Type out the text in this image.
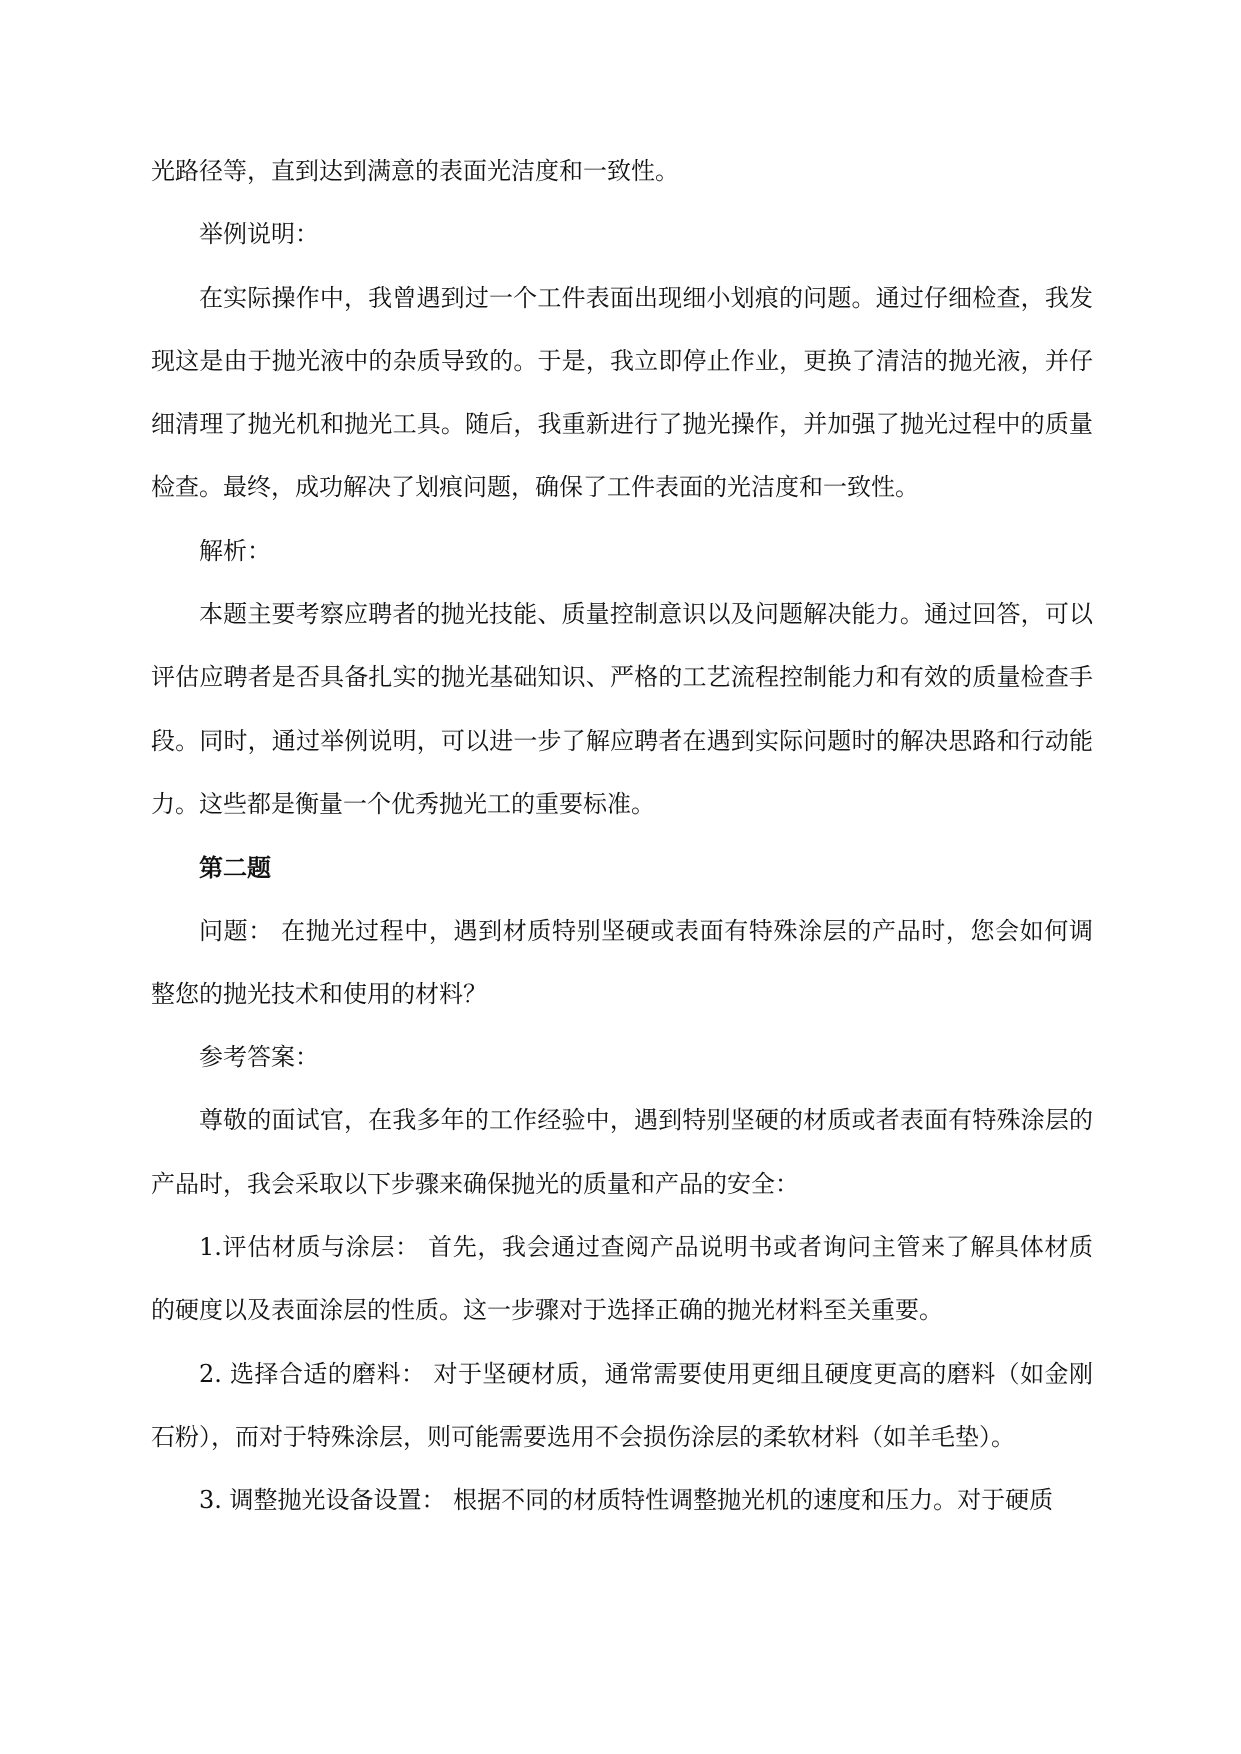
光路径等，直到达到满意的表面光洁度和一致性。

举例说明：

在实际操作中，我曾遇到过一个工件表面出现细小划痕的问题。通过仔细检查，我发现这是由于抛光液中的杂质导致的。于是，我立即停止作业，更换了清洁的抛光液，并仔细清理了抛光机和抛光工具。随后，我重新进行了抛光操作，并加强了抛光过程中的质量检查。最终，成功解决了划痕问题，确保了工件表面的光洁度和一致性。

解析：

本题主要考察应聘者的抛光技能、质量控制意识以及问题解决能力。通过回答，可以评估应聘者是否具备扎实的抛光基础知识、严格的工艺流程控制能力和有效的质量检查手段。同时，通过举例说明，可以进一步了解应聘者在遇到实际问题时的解决思路和行动能力。这些都是衡量一个优秀抛光工的重要标准。

第二题

问题： 在抛光过程中，遇到材质特别坚硬或表面有特殊涂层的产品时，您会如何调整您的抛光技术和使用的材料？

参考答案：

尊敬的面试官，在我多年的工作经验中，遇到特别坚硬的材质或者表面有特殊涂层的产品时，我会采取以下步骤来确保抛光的质量和产品的安全：

1.评估材质与涂层： 首先，我会通过查阅产品说明书或者询问主管来了解具体材质的硬度以及表面涂层的性质。这一步骤对于选择正确的抛光材料至关重要。

2. 选择合适的磨料： 对于坚硬材质，通常需要使用更细且硬度更高的磨料（如金刚石粉），而对于特殊涂层，则可能需要选用不会损伤涂层的柔软材料（如羊毛垫）。

3. 调整抛光设备设置： 根据不同的材质特性调整抛光机的速度和压力。对于硬质
